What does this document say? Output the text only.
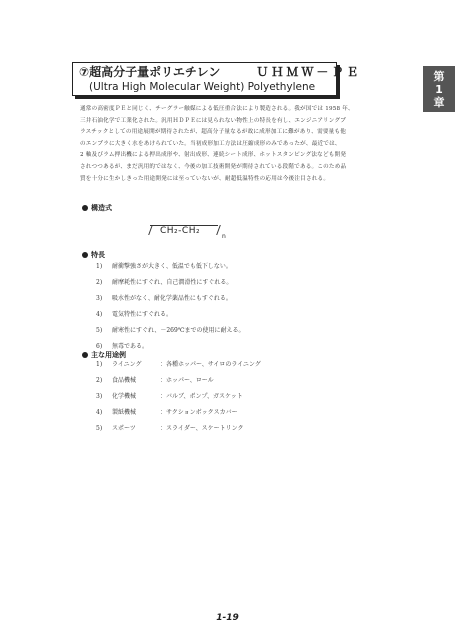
⑦超高分子量ポリエチレン	ＵＨＭＷ－ＰＥ
(Ultra High Molecular Weight) Polyethylene
第
1
章

通常の高密度ＰＥと同じく、チーグラー触媒による低圧重合法により製造される。我が国では 1958 年、
三井石油化学で工業化された。汎用ＨＤＰＥには見られない物性上の特長を有し、エンジニアリングプ
ラスチックとしての用途展開が期待されたが、超高分子量なるが故に成形加工に難があり、需要量も他
のエンプラに大きく水をあけられていた。当初成形加工方法は圧縮成形のみであったが、最近では、
2 軸及びラム押出機による押出成形や、射出成形、連続シート成形、ホットスタンピング法なども開発
されつつあるが、まだ汎用的ではなく、今後の加工技術開発が期待されている段階である。このため品
質を十分に生かしきった用途開発には至っていないが、耐超低温特性の応用は今後注目される。

構造式
CH₂-CH₂
n
特長
1) 耐衝撃強さが大きく、低温でも低下しない。
2) 耐摩耗性にすぐれ、自己潤滑性にすぐれる。
3) 吸水性がなく、耐化学薬品性にもすぐれる。
4) 電気特性にすぐれる。
5) 耐寒性にすぐれ、－269℃までの使用に耐える。
6) 無毒である。
主な用途例
1) ライニング	：各種ホッパー、サイロのライニング
2) 食品機械	：ホッパー、ロール
3) 化学機械	：バルブ、ポンプ、ガスケット
4) 製紙機械	：サクションボックスカバー
5) スポーツ	：スライダー、スケートリンク
1-19
